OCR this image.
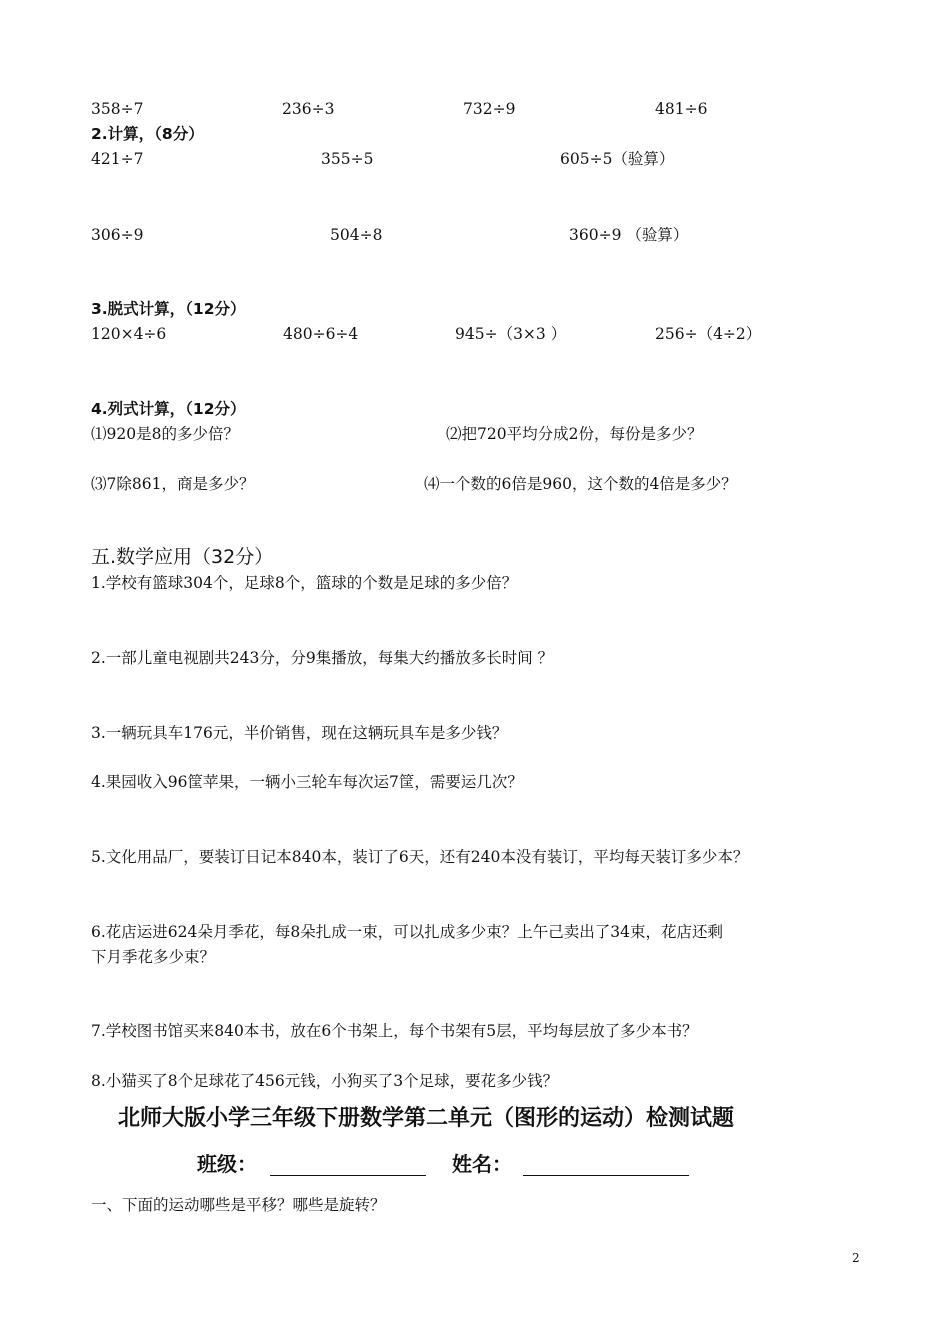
358÷7	236÷3	732÷9	481÷6
2.计算，（8分）
421÷7	355÷5	605÷5（验算）
306÷9	504÷8	360÷9 （验算）
3.脱式计算，（12分）
120×4÷6	480÷6÷4	945÷（3×3 ）	256÷（4÷2）
4.列式计算，（12分）
⑴920是8的多少倍？	⑵把720平均分成2份，每份是多少？
⑶7除861，商是多少？	⑷一个数的6倍是960，这个数的4倍是多少？
五.数学应用（32分）
1.学校有篮球304个，足球8个，篮球的个数是足球的多少倍？
2.一部儿童电视剧共243分，分9集播放，每集大约播放多长时间 ？
3.一辆玩具车176元，半价销售，现在这辆玩具车是多少钱？
4.果园收入96筐苹果，一辆小三轮车每次运7筐，需要运几次？
5.文化用品厂，要装订日记本840本，装订了6天，还有240本没有装订，平均每天装订多少本？
6.花店运进624朵月季花，每8朵扎成一束，可以扎成多少束？上午己卖出了34束，花店还剩
下月季花多少束？
7.学校图书馆买来840本书，放在6个书架上，每个书架有5层，平均每层放了多少本书？
8.小猫买了8个足球花了456元钱，小狗买了3个足球，要花多少钱？
北师大版小学三年级下册数学第二单元（图形的运动）检测试题
班级：	姓名：
一、下面的运动哪些是平移？哪些是旋转？
2
